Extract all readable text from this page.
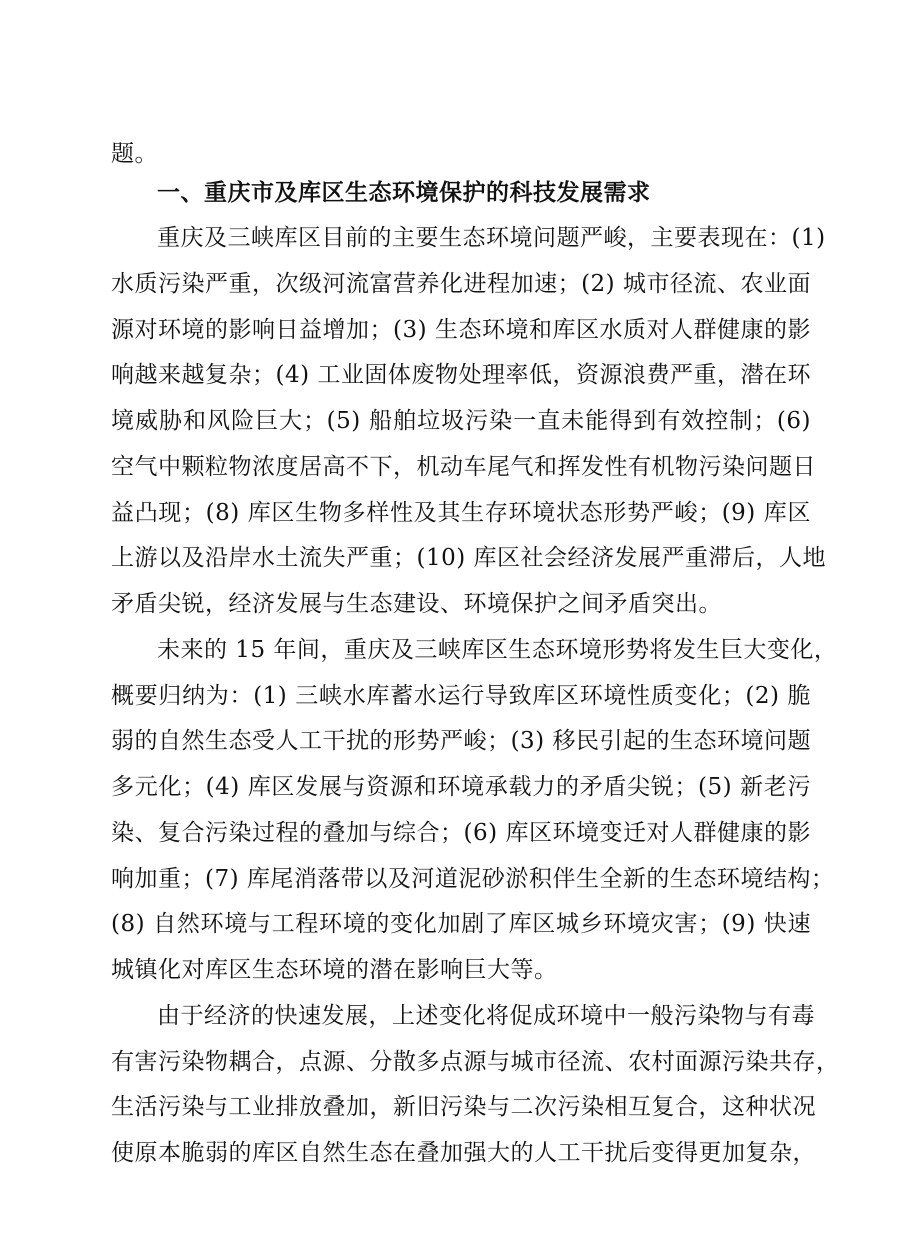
题。
一、重庆市及库区生态环境保护的科技发展需求
重庆及三峡库区目前的主要生态环境问题严峻，主要表现在：(1)
水质污染严重，次级河流富营养化进程加速；(2) 城市径流、农业面
源对环境的影响日益增加；(3) 生态环境和库区水质对人群健康的影
响越来越复杂；(4) 工业固体废物处理率低，资源浪费严重，潜在环
境威胁和风险巨大；(5) 船舶垃圾污染一直未能得到有效控制；(6)
空气中颗粒物浓度居高不下，机动车尾气和挥发性有机物污染问题日
益凸现；(8) 库区生物多样性及其生存环境状态形势严峻；(9) 库区
上游以及沿岸水土流失严重；(10) 库区社会经济发展严重滞后，人地
矛盾尖锐，经济发展与生态建设、环境保护之间矛盾突出。
未来的 15 年间，重庆及三峡库区生态环境形势将发生巨大变化，
概要归纳为：(1) 三峡水库蓄水运行导致库区环境性质变化；(2) 脆
弱的自然生态受人工干扰的形势严峻；(3) 移民引起的生态环境问题
多元化；(4) 库区发展与资源和环境承载力的矛盾尖锐；(5) 新老污
染、复合污染过程的叠加与综合；(6) 库区环境变迁对人群健康的影
响加重；(7) 库尾消落带以及河道泥砂淤积伴生全新的生态环境结构；
(8) 自然环境与工程环境的变化加剧了库区城乡环境灾害；(9) 快速
城镇化对库区生态环境的潜在影响巨大等。
由于经济的快速发展，上述变化将促成环境中一般污染物与有毒
有害污染物耦合，点源、分散多点源与城市径流、农村面源污染共存，
生活污染与工业排放叠加，新旧污染与二次污染相互复合，这种状况
使原本脆弱的库区自然生态在叠加强大的人工干扰后变得更加复杂，
